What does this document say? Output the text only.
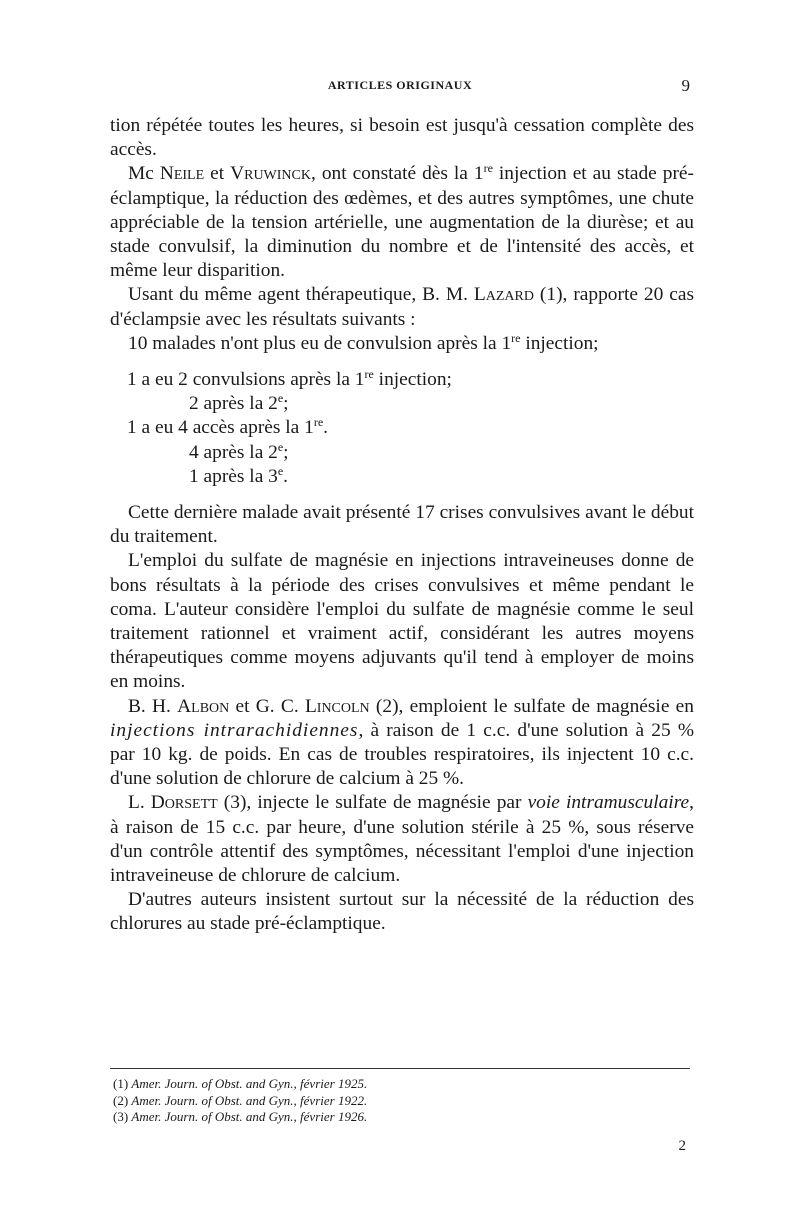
ARTICLES ORIGINAUX	9

tion répétée toutes les heures, si besoin est jusqu'à cessation complète des accès.

Mc Neile et Vruwinck, ont constaté dès la 1re injection et au stade pré-éclamptique, la réduction des œdèmes, et des autres symptômes, une chute appréciable de la tension artérielle, une augmentation de la diurèse; et au stade convulsif, la diminution du nombre et de l'intensité des accès, et même leur disparition.

Usant du même agent thérapeutique, B. M. Lazard (1), rapporte 20 cas d'éclampsie avec les résultats suivants :

10 malades n'ont plus eu de convulsion après la 1re injection;

1 a eu 2 convulsions après la 1re injection;
2 après la 2e;
1 a eu 4 accès après la 1re.
4 après la 2e;
1 après la 3e.

Cette dernière malade avait présenté 17 crises convulsives avant le début du traitement.

L'emploi du sulfate de magnésie en injections intraveineuses donne de bons résultats à la période des crises convulsives et même pendant le coma. L'auteur considère l'emploi du sulfate de magnésie comme le seul traitement rationnel et vraiment actif, considérant les autres moyens thérapeutiques comme moyens adjuvants qu'il tend à employer de moins en moins.

B. H. Albon et G. C. Lincoln (2), emploient le sulfate de magnésie en injections intrarachidiennes, à raison de 1 c.c. d'une solution à 25 % par 10 kg. de poids. En cas de troubles respiratoires, ils injectent 10 c.c. d'une solution de chlorure de calcium à 25 %.

L. Dorsett (3), injecte le sulfate de magnésie par voie intramusculaire, à raison de 15 c.c. par heure, d'une solution stérile à 25 %, sous réserve d'un contrôle attentif des symptômes, nécessitant l'emploi d'une injection intraveineuse de chlorure de calcium.

D'autres auteurs insistent surtout sur la nécessité de la réduction des chlorures au stade pré-éclamptique.

(1) Amer. Journ. of Obst. and Gyn., février 1925.
(2) Amer. Journ. of Obst. and Gyn., février 1922.
(3) Amer. Journ. of Obst. and Gyn., février 1926.
2
